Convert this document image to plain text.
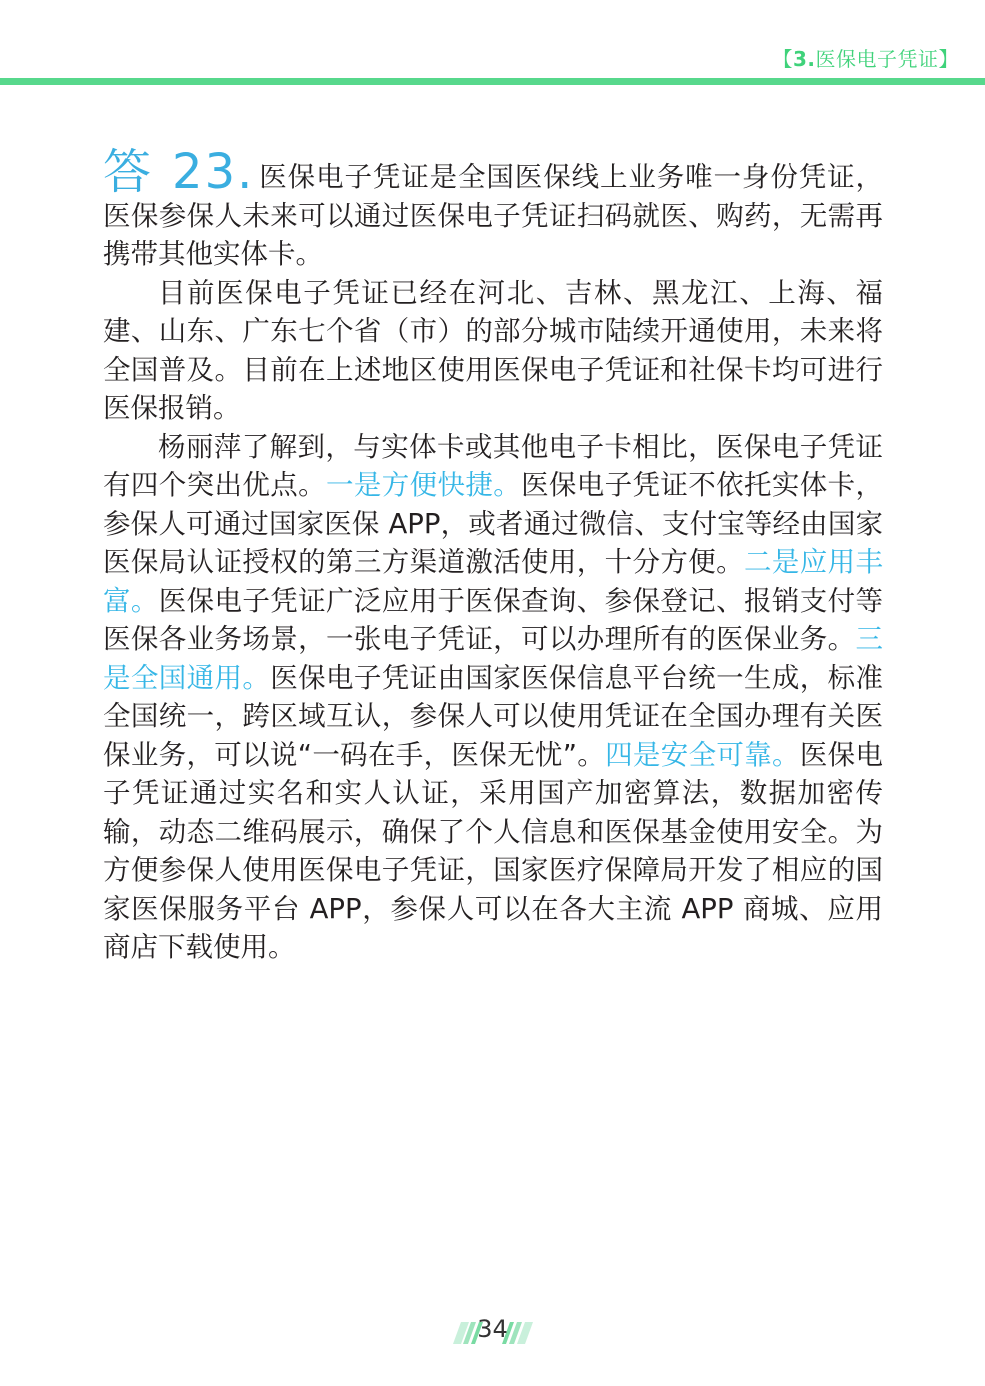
【3.医保电子凭证】

答 23. 医保电子凭证是全国医保线上业务唯一身份凭证，医保参保人未来可以通过医保电子凭证扫码就医、购药，无需再携带其他实体卡。

目前医保电子凭证已经在河北、吉林、黑龙江、上海、福建、山东、广东七个省（市）的部分城市陆续开通使用，未来将全国普及。目前在上述地区使用医保电子凭证和社保卡均可进行医保报销。

杨丽萍了解到，与实体卡或其他电子卡相比，医保电子凭证有四个突出优点。一是方便快捷。医保电子凭证不依托实体卡，参保人可通过国家医保 APP，或者通过微信、支付宝等经由国家医保局认证授权的第三方渠道激活使用，十分方便。二是应用丰富。医保电子凭证广泛应用于医保查询、参保登记、报销支付等医保各业务场景，一张电子凭证，可以办理所有的医保业务。三是全国通用。医保电子凭证由国家医保信息平台统一生成，标准全国统一，跨区域互认，参保人可以使用凭证在全国办理有关医保业务，可以说“一码在手，医保无忧”。四是安全可靠。医保电子凭证通过实名和实人认证，采用国产加密算法，数据加密传输，动态二维码展示，确保了个人信息和医保基金使用安全。为方便参保人使用医保电子凭证，国家医疗保障局开发了相应的国家医保服务平台 APP，参保人可以在各大主流 APP 商城、应用商店下载使用。

34
